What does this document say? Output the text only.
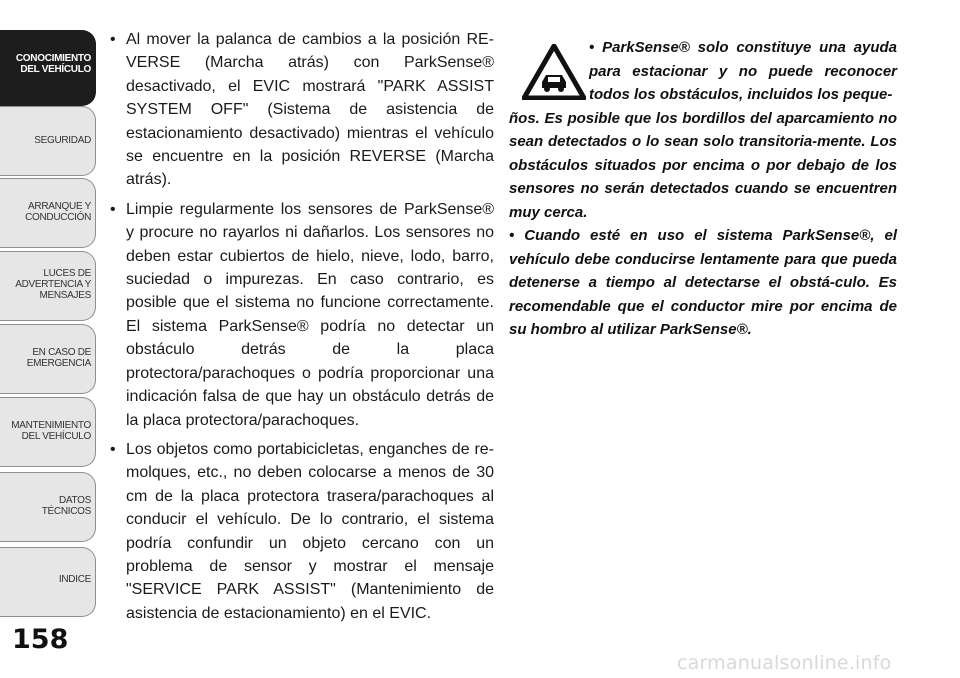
CONOCIMIENTO
DEL VEHÍCULO
SEGURIDAD
ARRANQUE Y
CONDUCCIÓN
LUCES DE
ADVERTENCIA Y
MENSAJES
EN CASO DE
EMERGENCIA
MANTENIMIENTO
DEL VEHÍCULO
DATOS
TÉCNICOS
INDICE
158

• Al mover la palanca de cambios a la posición RE-VERSE (Marcha atrás) con ParkSense® desactivado, el EVIC mostrará "PARK ASSIST SYSTEM OFF" (Sistema de asistencia de estacionamiento desactivado) mientras el vehículo se encuentre en la posición REVERSE (Marcha atrás).

• Limpie regularmente los sensores de ParkSense® y procure no rayarlos ni dañarlos. Los sensores no deben estar cubiertos de hielo, nieve, lodo, barro, suciedad o impurezas. En caso contrario, es posible que el sistema no funcione correctamente. El sistema ParkSense® podría no detectar un obstáculo detrás de la placa protectora/parachoques o podría proporcionar una indicación falsa de que hay un obstáculo detrás de la placa protectora/parachoques.

• Los objetos como portabicicletas, enganches de re-molques, etc., no deben colocarse a menos de 30 cm de la placa protectora trasera/parachoques al conducir el vehículo. De lo contrario, el sistema podría confundir un objeto cercano con un problema de sensor y mostrar el mensaje "SERVICE PARK ASSIST" (Mantenimiento de asistencia de estacionamiento) en el EVIC.

• ParkSense® solo constituye una ayuda para estacionar y no puede reconocer todos los obstáculos, incluidos los peque-

ños. Es posible que los bordillos del aparcamiento no sean detectados o lo sean solo transitoria-mente. Los obstáculos situados por encima o por debajo de los sensores no serán detectados cuando se encuentren muy cerca.

• Cuando esté en uso el sistema ParkSense®, el vehículo debe conducirse lentamente para que pueda detenerse a tiempo al detectarse el obstá-culo. Es recomendable que el conductor mire por encima de su hombro al utilizar ParkSense®.

carmanualsonline.info
